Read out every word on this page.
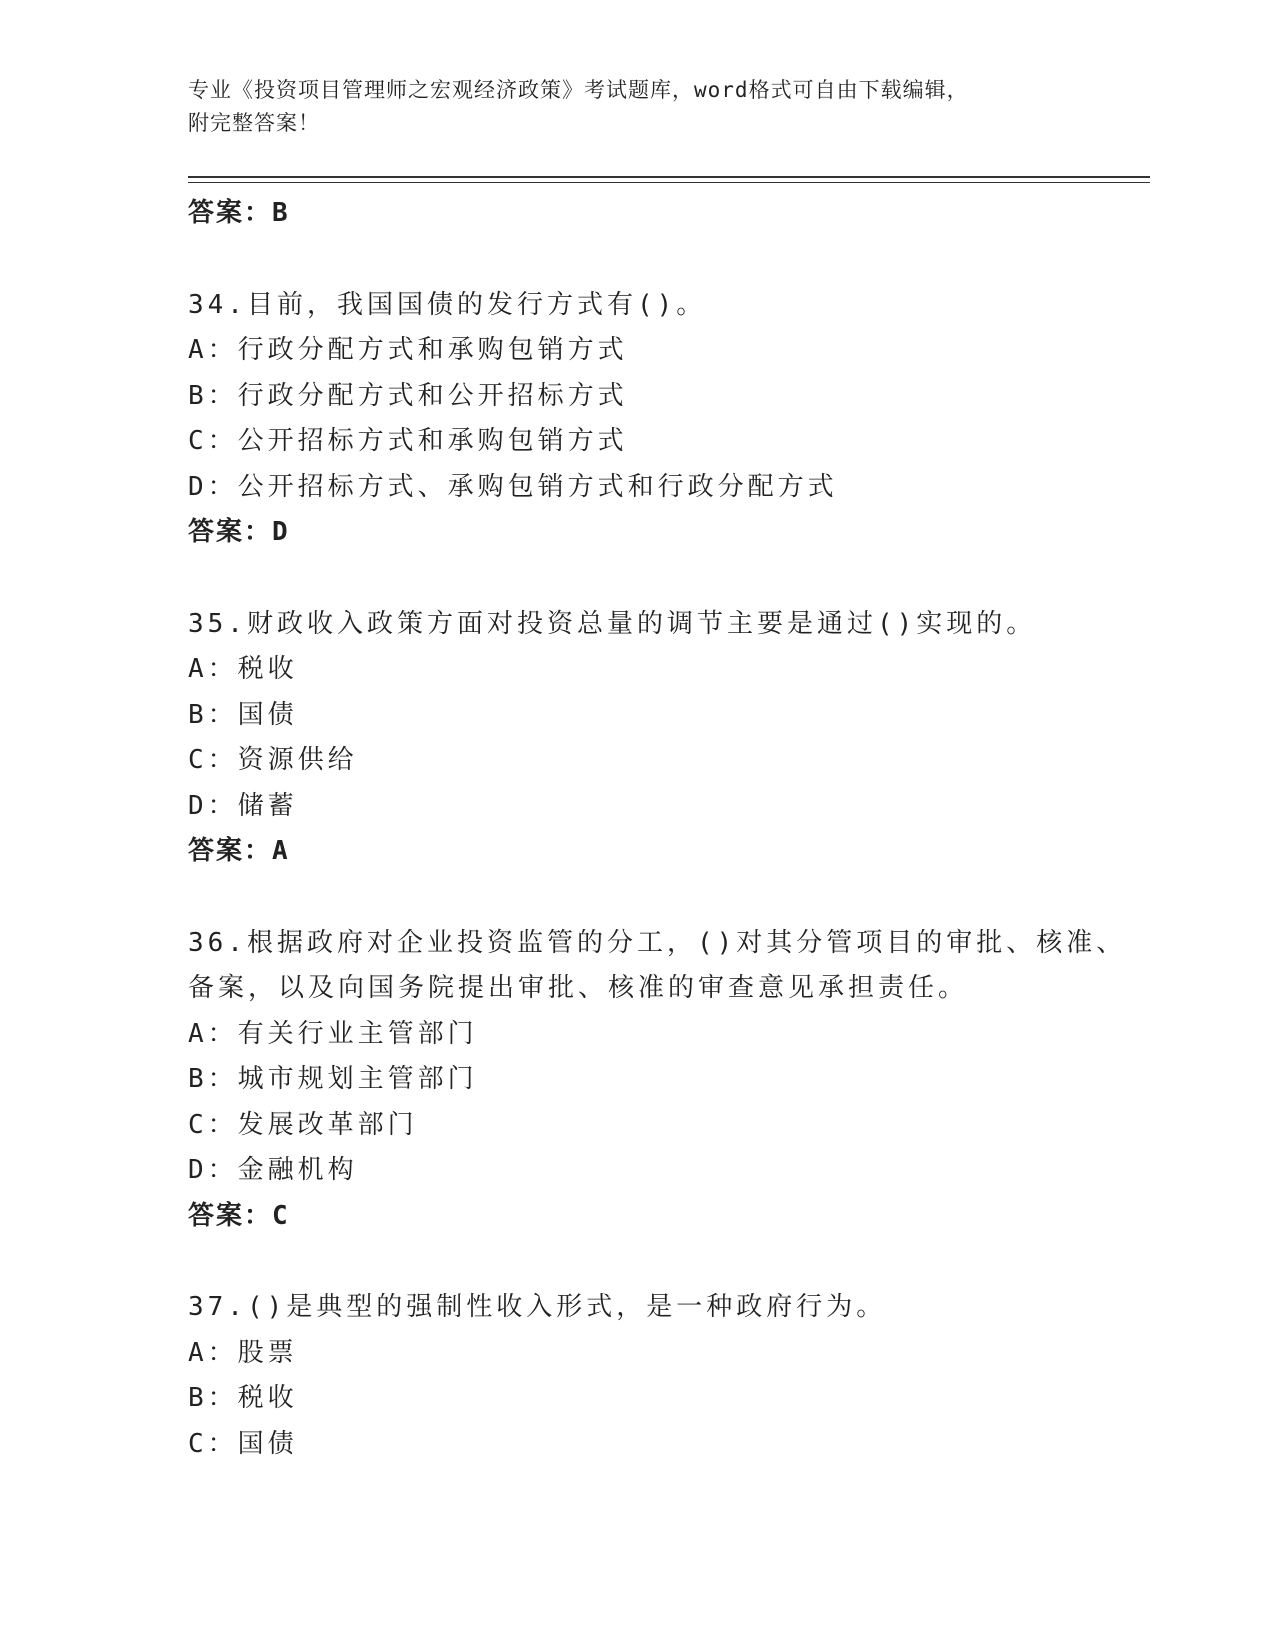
专业《投资项目管理师之宏观经济政策》考试题库，word格式可自由下载编辑，
附完整答案！
答案：B
34.目前，我国国债的发行方式有()。
A：行政分配方式和承购包销方式
B：行政分配方式和公开招标方式
C：公开招标方式和承购包销方式
D：公开招标方式、承购包销方式和行政分配方式
答案：D
35.财政收入政策方面对投资总量的调节主要是通过()实现的。
A：税收
B：国债
C：资源供给
D：储蓄
答案：A
36.根据政府对企业投资监管的分工，()对其分管项目的审批、核准、
备案，以及向国务院提出审批、核准的审查意见承担责任。
A：有关行业主管部门
B：城市规划主管部门
C：发展改革部门
D：金融机构
答案：C
37.()是典型的强制性收入形式，是一种政府行为。
A：股票
B：税收
C：国债
